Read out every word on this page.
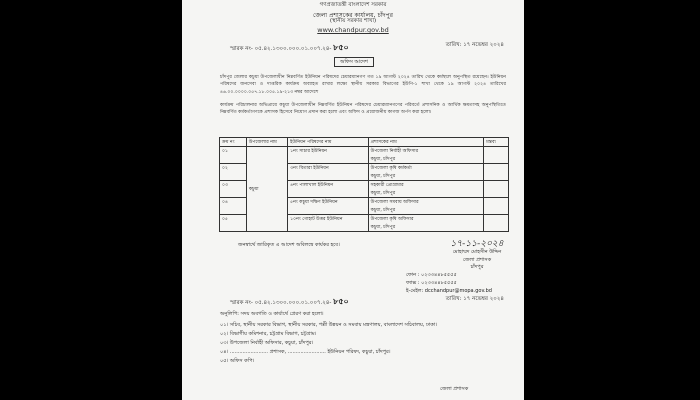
গণপ্রজাতন্ত্রী বাংলাদেশ সরকার
জেলা প্রশাসকের কার্যালয়, চাঁদপুর
(স্থানীয় সরকার শাখা)
www.chandpur.gov.bd
স্মারক নং- ০৫.৪২.১৩০০.০০০.০১.০০৭.২৪- ৮৫০	তারিখ: ১৭ নভেম্বর ২০২৪
অফিস আদেশ
চাঁদপুর জেলার কচুয়া উপজেলাধীন নিম্নবর্ণিত ইউনিয়ন পরিষদের চেয়ারম্যানগণ গত ১৯ আগস্ট ২০২৪ তারিখ থেকে কর্মস্থলে অনুপস্থিত রয়েছেন। ইউনিয়ন পরিষদের জনসেবা ও দাপ্তরিক কার্যক্রম অব্যাহত রাখার লক্ষ্যে স্থানীয় সরকার বিভাগের ইউপি-১ শাখা থেকে ১৯ আগস্ট ২০২৪ তারিখের ৪৬.০০.০০০০.০৫৭.১৮.০০৫.১৯-২১৩ নম্বর আদেশে
কার্যক্রম পরিচালনার অভিপ্রায়ে কচুয়া উপজেলাধীন নিম্নবর্ণিত ইউনিয়ন পরিষদের চেয়ারম্যানগণের পরিবর্তে প্রশাসনিক ও আর্থিক ক্ষমতাসহ অনুপস্থিতিতে নিম্নবর্ণিত কর্মকর্তাগণকে প্রশাসক হিসেবে নিয়োগ প্রদান করা হলো এবং অফিস ও প্রয়োজনীয় কাগজ অর্পণ করা হলো।
ক্রম নং	উপজেলার নাম	ইউনিয়ন পরিষদের নাম	প্রশাসকের নাম	মন্তব্য
০১	কচুয়া	১নং সাচার ইউনিয়ন	উপজেলা নির্বাহী অফিসার
কচুয়া, চাঁদপুর	

০২		৩নং বিতারা ইউনিয়ন	উপজেলা কৃষি কর্মকর্তা
কচুয়া, চাঁদপুর	

০৩		৪নং পালাখাল ইউনিয়ন	সহকারী প্রোগ্রামার
কচুয়া, চাঁদপুর	

০৪		৫নং কচুয়া দক্ষিণ ইউনিয়ন	উপজেলা সমবায় অফিসার
কচুয়া, চাঁদপুর	

০৫		১০নং গোহাট উত্তর ইউনিয়ন	উপজেলা কৃষি অফিসার
কচুয়া, চাঁদপুর	

জনস্বার্থে জারিকৃত এ আদেশ অবিলম্বে কার্যকর হবে।	১৭-১১-২০২৪
মোহাম্মদ মোহসীন উদ্দিন
জেলা প্রশাসক
চাঁদপুর
ফোন : ০২৩৩৪৪৮৫৫৫৫
ফ্যাক্স : ০২৩৩৪৪৮৫৫৫৫
ই-মেইল: dcchandpur@mopa.gov.bd
স্মারক নং- ০৫.৪২.১৩০০.০০০.০১.০০৭.২৪- ৮৫০	তারিখ: ১৭ নভেম্বর ২০২৪
অনুলিপি: সদয় অবগতি ও কার্যার্থে প্রেরণ করা হলো।
০১। সচিব, স্থানীয় সরকার বিভাগ, স্থানীয় সরকার, পল্লী উন্নয়ন ও সমবায় মন্ত্রণালয়, বাংলাদেশ সচিবালয়, ঢাকা।
০২। বিভাগীয় কমিশনার, চট্টগ্রাম বিভাগ, চট্টগ্রাম।
০৩। উপজেলা নির্বাহী অফিসার, কচুয়া, চাঁদপুর।
০৪। ........................ প্রশাসক, ........................ ইউনিয়ন পরিষদ, কচুয়া, চাঁদপুর।
০৫। অফিস কপি।
জেলা প্রশাসক
